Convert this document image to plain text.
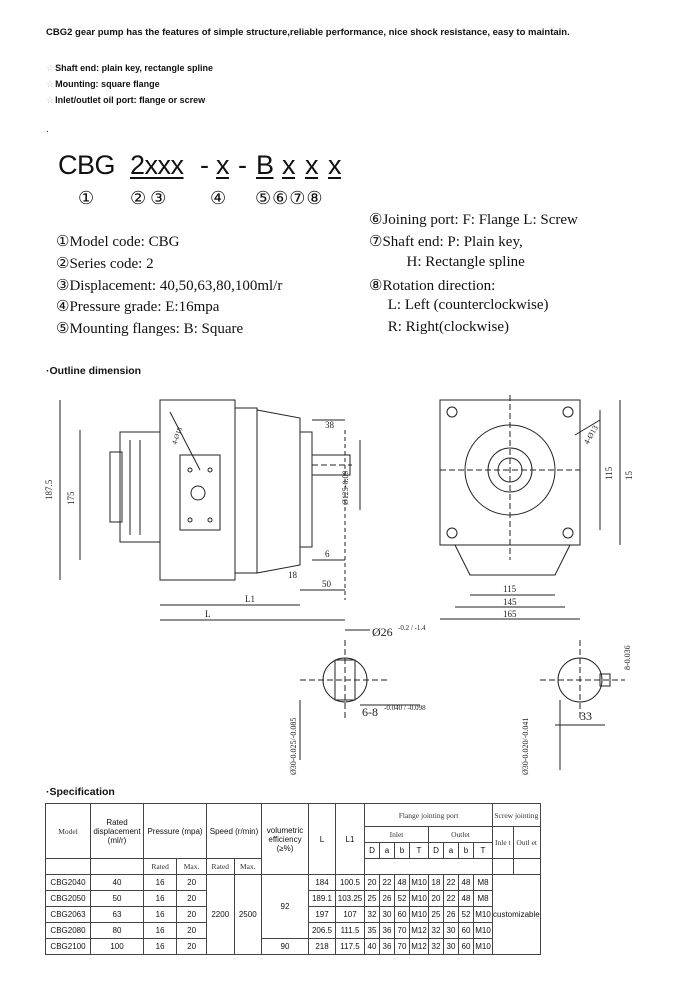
CBG2 gear pump has the features of simple structure,reliable performance, nice shock resistance, easy to maintain.
☆Shaft end: plain key, rectangle spline
☆Mounting: square flange
☆Inlet/outlet oil port: flange or screw
.
CBG 2xxx - x - B x x x
① ②③ ④ ⑤⑥⑦⑧
①Model code: CBG
②Series code: 2
③Displacement: 40,50,63,80,100ml/r
④Pressure grade: E:16mpa
⑤Mounting flanges: B: Square
⑥Joining port: F: Flange L: Screw
⑦Shaft end: P: Plain key,
H: Rectangle spline
⑧Rotation direction:
L: Left (counterclockwise)
R: Right(clockwise)
·Outline dimension
187.5 175
38
Ø125-0.09
4-Ø18
6
18
50
L1
L
115
145
165
115 15
4-Ø13
Ø26 -0.2 / -1.4
6-8 -0.040 / -0.098
Ø30-0.025/-0.085	Ø30-0.020/-0.041
33
8-0.036
·Specification
Model	Rated displacement (ml/r)	Pressure (mpa)		Speed (r/min)		volumetric efficiency (≥%)	L	L1	Flange jointing port								Screw jointing	
									Inlet				Outlet				Inle t	Outl et
									D	a	b	T	D	a	b	T		
		Rated	Max.	Rated	Max.													
CBG2040	40	16	20	2200	2500	92	184	100.5	20	22	48	M10	18	22	48	M8	customizable	
CBG2050	50	16	20				189.1	103.25	25	26	52	M10	20	22	48	M8		
CBG2063	63	16	20				197	107	32	30	60	M10	25	26	52	M10		
CBG2080	80	16	20				206.5	111.5	35	36	70	M12	32	30	60	M10		
CBG2100	100	16	20			90	218	117.5	40	36	70	M12	32	30	60	M10		
